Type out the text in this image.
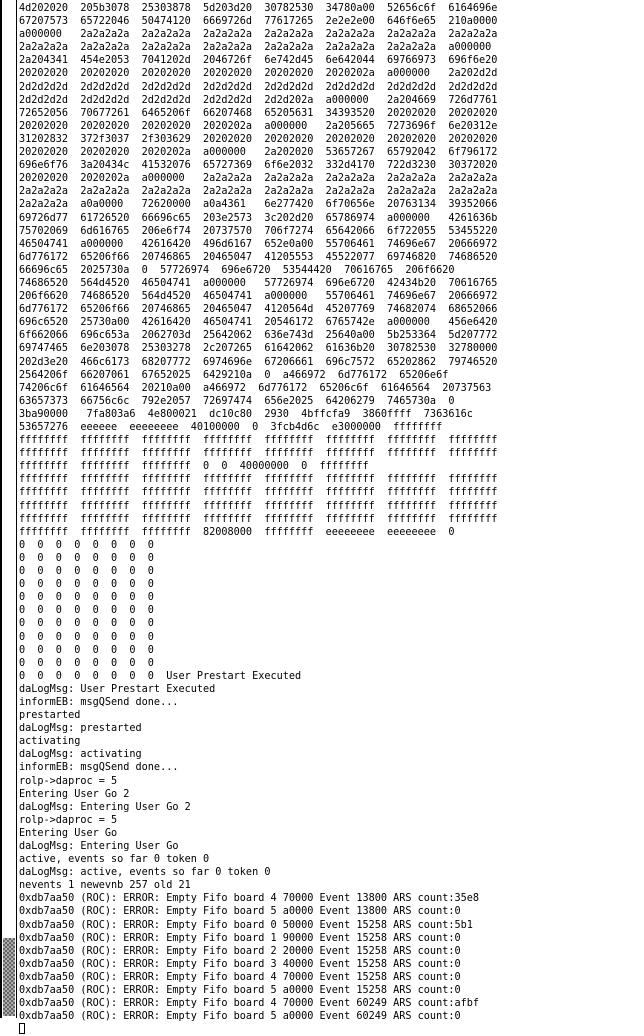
4d202020  205b3078  25303878  5d203d20  30782530  34780a00  52656c6f  6164696e
67207573  65722046  50474120  6669726d  77617265  2e2e2e00  646f6e65  210a0000
a000000   2a2a2a2a  2a2a2a2a  2a2a2a2a  2a2a2a2a  2a2a2a2a  2a2a2a2a  2a2a2a2a
2a2a2a2a  2a2a2a2a  2a2a2a2a  2a2a2a2a  2a2a2a2a  2a2a2a2a  2a2a2a2a  a000000
2a204341  454e2053  7041202d  2046726f  6e742d45  6e642044  69766973  696f6e20
20202020  20202020  20202020  20202020  20202020  2020202a  a000000   2a202d2d
2d2d2d2d  2d2d2d2d  2d2d2d2d  2d2d2d2d  2d2d2d2d  2d2d2d2d  2d2d2d2d  2d2d2d2d
2d2d2d2d  2d2d2d2d  2d2d2d2d  2d2d2d2d  2d2d202a  a000000   2a204669  726d7761
72652056  70677261  6465206f  66207468  65205631  34393520  20202020  20202020
20202020  20202020  20202020  2020202a  a000000   2a205665  7273696f  6e20312e
31202832  372f3037  2f303629  20202020  20202020  20202020  20202020  20202020
20202020  20202020  2020202a  a000000   2a202020  53657267  65792042  6f796172
696e6f76  3a20434c  41532076  65727369  6f6e2032  332d4170  722d3230  30372020
20202020  2020202a  a000000   2a2a2a2a  2a2a2a2a  2a2a2a2a  2a2a2a2a  2a2a2a2a
2a2a2a2a  2a2a2a2a  2a2a2a2a  2a2a2a2a  2a2a2a2a  2a2a2a2a  2a2a2a2a  2a2a2a2a
2a2a2a2a  a0a0000   72620000  a0a4361   6e277420  6f70656e  20763134  39352066
69726d77  61726520  66696c65  203e2573  3c202d20  65786974  a000000   4261636b
75702069  6d616765  206e6f74  20737570  706f7274  65642066  6f722055  53455220
46504741  a000000   42616420  496d6167  652e0a00  55706461  74696e67  20666972
6d776172  65206f66  20746865  20465047  41205553  45522077  69746820  74686520
66696c65  2025730a  0  57726974  696e6720  53544420  70616765  206f6620
74686520  564d4520  46504741  a000000   57726974  696e6720  42434b20  70616765
206f6620  74686520  564d4520  46504741  a000000   55706461  74696e67  20666972
6d776172  65206f66  20746865  20465047  4120564d  45207769  74682074  68652066
696c6520  25730a00  42616420  46504741  20546172  6765742e  a000000   456e6420
6f662066  696c653a  2062703d  25642062  636e743d  25640a00  5b253364  5d207772
69747465  6e203078  25303278  2c207265  61642062  61636b20  30782530  32780000
202d3e20  466c6173  68207772  6974696e  67206661  696c7572  65202862  79746520
2564206f  66207061  67652025  6429210a  0  a466972  6d776172  65206e6f
74206c6f  61646564  20210a00  a466972  6d776172  65206c6f  61646564  20737563
63657373  66756c6c  792e2057  72697474  656e2025  64206279  7465730a  0
3ba90000   7fa803a6  4e800021  dc10c80  2930  4bffcfa9  3860ffff  7363616c
53657276  eeeeee  eeeeeeee  40100000  0  3fcb4d6c  e3000000  ffffffff
ffffffff  ffffffff  ffffffff  ffffffff  ffffffff  ffffffff  ffffffff  ffffffff
ffffffff  ffffffff  ffffffff  ffffffff  ffffffff  ffffffff  ffffffff  ffffffff
ffffffff  ffffffff  ffffffff  0  0  40000000  0  ffffffff
ffffffff  ffffffff  ffffffff  ffffffff  ffffffff  ffffffff  ffffffff  ffffffff
ffffffff  ffffffff  ffffffff  ffffffff  ffffffff  ffffffff  ffffffff  ffffffff
ffffffff  ffffffff  ffffffff  ffffffff  ffffffff  ffffffff  ffffffff  ffffffff
ffffffff  ffffffff  ffffffff  ffffffff  ffffffff  ffffffff  ffffffff  ffffffff
ffffffff  ffffffff  ffffffff  82008000  ffffffff  eeeeeeee  eeeeeeee  0
0  0  0  0  0  0  0  0
0  0  0  0  0  0  0  0
0  0  0  0  0  0  0  0
0  0  0  0  0  0  0  0
0  0  0  0  0  0  0  0
0  0  0  0  0  0  0  0
0  0  0  0  0  0  0  0
0  0  0  0  0  0  0  0
0  0  0  0  0  0  0  0
0  0  0  0  0  0  0  0
0  0  0  0  0  0  0  0  User Prestart Executed
daLogMsg: User Prestart Executed
informEB: msgQSend done...
prestarted
daLogMsg: prestarted
activating
daLogMsg: activating
informEB: msgQSend done...
rolp->daproc = 5
Entering User Go 2
daLogMsg: Entering User Go 2
rolp->daproc = 5
Entering User Go
daLogMsg: Entering User Go
active, events so far 0 token 0
daLogMsg: active, events so far 0 token 0
nevents 1 newevnb 257 old 21
0xdb7aa50 (ROC): ERROR: Empty Fifo board 4 70000 Event 13800 ARS count:35e8
0xdb7aa50 (ROC): ERROR: Empty Fifo board 5 a0000 Event 13800 ARS count:0
0xdb7aa50 (ROC): ERROR: Empty Fifo board 0 50000 Event 15258 ARS count:5b1
0xdb7aa50 (ROC): ERROR: Empty Fifo board 1 90000 Event 15258 ARS count:0
0xdb7aa50 (ROC): ERROR: Empty Fifo board 2 20000 Event 15258 ARS count:0
0xdb7aa50 (ROC): ERROR: Empty Fifo board 3 40000 Event 15258 ARS count:0
0xdb7aa50 (ROC): ERROR: Empty Fifo board 4 70000 Event 15258 ARS count:0
0xdb7aa50 (ROC): ERROR: Empty Fifo board 5 a0000 Event 15258 ARS count:0
0xdb7aa50 (ROC): ERROR: Empty Fifo board 4 70000 Event 60249 ARS count:afbf
0xdb7aa50 (ROC): ERROR: Empty Fifo board 5 a0000 Event 60249 ARS count:0
